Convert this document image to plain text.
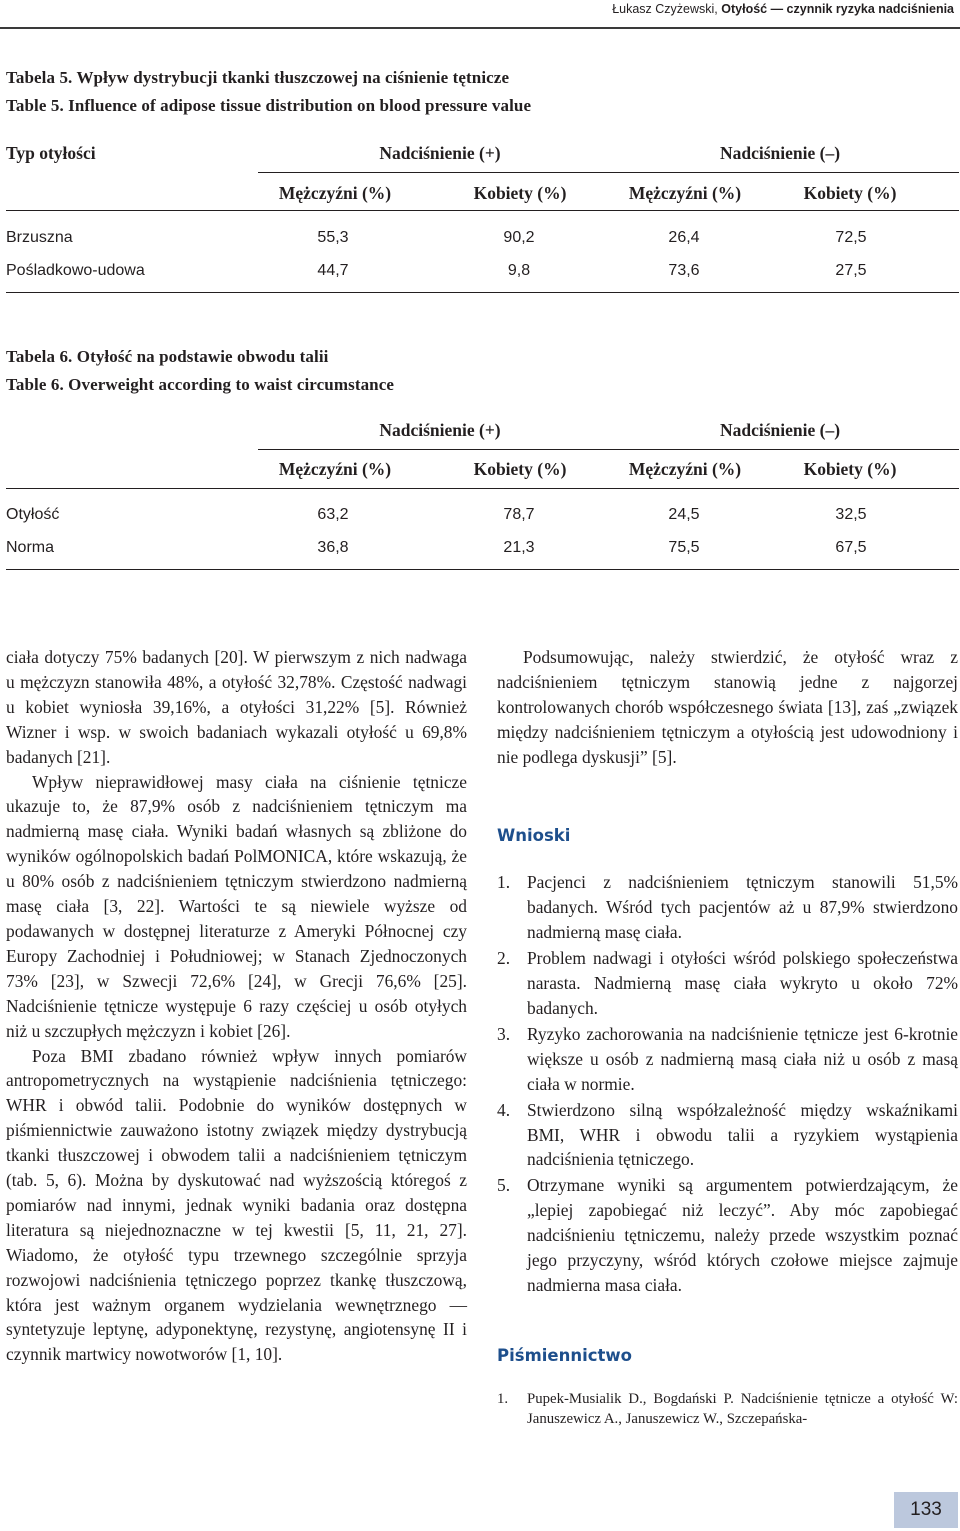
Łukasz Czyżewski, Otyłość — czynnik ryzyka nadciśnienia
Tabela 5. Wpływ dystrybucji tkanki tłuszczowej na ciśnienie tętnicze
Table 5. Influence of adipose tissue distribution on blood pressure value
Typ otyłości	Nadciśnienie (+)	Nadciśnienie (–)
Mężczyźni (%)	Kobiety (%)	Mężczyźni (%)	Kobiety (%)
Brzuszna	55,3	90,2	26,4	72,5
Pośladkowo-udowa	44,7	9,8	73,6	27,5
Tabela 6. Otyłość na podstawie obwodu talii
Table 6. Overweight according to waist circumstance
Nadciśnienie (+)	Nadciśnienie (–)
Mężczyźni (%)	Kobiety (%)	Mężczyźni (%)	Kobiety (%)
Otyłość	63,2	78,7	24,5	32,5
Norma	36,8	21,3	75,5	67,5

ciała dotyczy 75% badanych [20]. W pierwszym z nich nadwaga u mężczyzn stanowiła 48%, a otyłość 32,78%. Częstość nadwagi u kobiet wyniosła 39,16%, a otyłości 31,22% [5]. Również Wizner i wsp. w swoich badaniach wykazali otyłość u 69,8% badanych [21].

Wpływ nieprawidłowej masy ciała na ciśnienie tętnicze ukazuje to, że 87,9% osób z nadciśnieniem tętniczym ma nadmierną masę ciała. Wyniki badań własnych są zbliżone do wyników ogólnopolskich badań PolMONICA, które wskazują, że u 80% osób z nadciśnieniem tętniczym stwierdzono nadmierną masę ciała [3, 22]. Wartości te są niewiele wyższe od podawanych w dostępnej literaturze z Ameryki Północnej czy Europy Zachodniej i Południowej; w Stanach Zjednoczonych 73% [23], w Szwecji 72,6% [24], w Grecji 76,6% [25]. Nadciśnienie tętnicze występuje 6 razy częściej u osób otyłych niż u szczupłych mężczyzn i kobiet [26].

Poza BMI zbadano również wpływ innych pomiarów antropometrycznych na wystąpienie nadciśnienia tętniczego: WHR i obwód talii. Podobnie do wyników dostępnych w piśmiennictwie zauważono istotny związek między dystrybucją tkanki tłuszczowej i obwodem talii a nadciśnieniem tętniczym (tab. 5, 6). Można by dyskutować nad wyższością któregoś z pomiarów nad innymi, jednak wyniki badania oraz dostępna literatura są niejednoznaczne w tej kwestii [5, 11, 21, 27]. Wiadomo, że otyłość typu trzewnego szczególnie sprzyja rozwojowi nadciśnienia tętniczego poprzez tkankę tłuszczową, która jest ważnym organem wydzielania wewnętrznego — syntetyzuje leptynę, adyponektynę, rezystynę, angiotensynę II i czynnik martwicy nowotworów [1, 10].

Podsumowując, należy stwierdzić, że otyłość wraz z nadciśnieniem tętniczym stanowią jedne z najgorzej kontrolowanych chorób współczesnego świata [13], zaś „związek między nadciśnieniem tętniczym a otyłością jest udowodniony i nie podlega dyskusji” [5].

Wnioski
1. Pacjenci z nadciśnieniem tętniczym stanowili 51,5% badanych. Wśród tych pacjentów aż u 87,9% stwierdzono nadmierną masę ciała.
2. Problem nadwagi i otyłości wśród polskiego społeczeństwa narasta. Nadmierną masę ciała wykryto u około 72% badanych.
3. Ryzyko zachorowania na nadciśnienie tętnicze jest 6-krotnie większe u osób z nadmierną masą ciała niż u osób z masą ciała w normie.
4. Stwierdzono silną współzależność między wskaźnikami BMI, WHR i obwodu talii a ryzykiem wystąpienia nadciśnienia tętniczego.
5. Otrzymane wyniki są argumentem potwierdzającym, że „lepiej zapobiegać niż leczyć”. Aby móc zapobiegać nadciśnieniu tętniczemu, należy przede wszystkim poznać jego przyczyny, wśród których czołowe miejsce zajmuje nadmierna masa ciała.
Piśmiennictwo
1. Pupek-Musialik D., Bogdański P. Nadciśnienie tętnicze a otyłość W: Januszewicz A., Januszewicz W., Szczepańska-
133
